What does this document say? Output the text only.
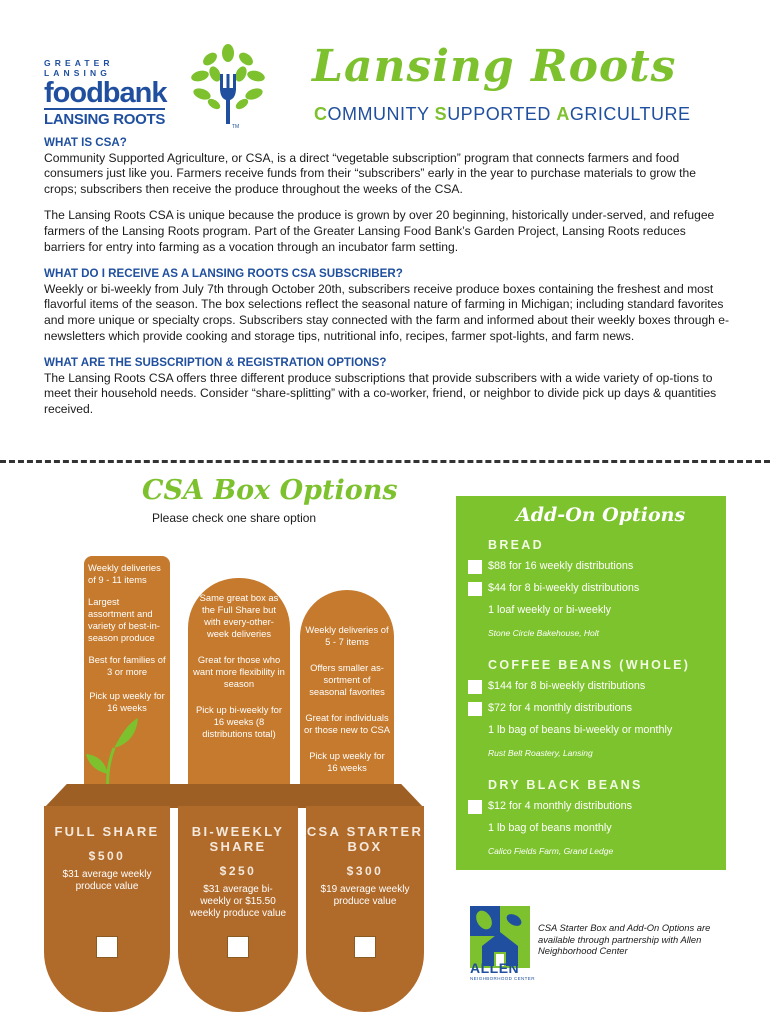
GREATER LANSING
foodbank
LANSING ROOTS	TM
Lansing Roots
COMMUNITY SUPPORTED AGRICULTURE
WHAT IS CSA?

Community Supported Agriculture, or CSA, is a direct “vegetable subscription” program that connects farmers and food consumers just like you. Farmers receive funds from their “subscribers” early in the year to purchase materials to grow the crops; subscribers then receive the produce throughout the weeks of the CSA.

The Lansing Roots CSA is unique because the produce is grown by over 20 beginning, historically under-served, and refugee farmers of the Lansing Roots program. Part of the Greater Lansing Food Bank’s Garden Project, Lansing Roots reduces barriers for entry into farming as a vocation through an incubator farm setting.

WHAT DO I RECEIVE AS A LANSING ROOTS CSA SUBSCRIBER?

Weekly or bi-weekly from July 7th through October 20th, subscribers receive produce boxes containing the freshest and most flavorful items of the season. The box selections reflect the seasonal nature of farming in Michigan; including standard favorites and more unique or specialty crops. Subscribers stay connected with the farm and informed about their weekly boxes through e-newsletters which provide cooking and storage tips, nutritional info, recipes, farmer spot-lights, and farm news.

WHAT ARE THE SUBSCRIPTION & REGISTRATION OPTIONS?

The Lansing Roots CSA offers three different produce subscriptions that provide subscribers with a wide variety of op-tions to meet their household needs. Consider “share-splitting” with a co-worker, friend, or neighbor to divide pick up days & quantities received.

CSA Box Options
Please check one share option
Weekly deliveries of 9 - 11 items
Largest assortment and variety of best-in-season produce
Best for families of 3 or more
Pick up weekly for 16 weeks
Same great box as the Full Share but with every-other-week deliveries
Great for those who want more flexibility in season
Pick up bi-weekly for 16 weeks (8 distributions total)
Weekly deliveries of 5 - 7 items
Offers smaller as-sortment of seasonal favorites
Great for individuals or those new to CSA
Pick up weekly for 16 weeks
FULL SHARE
$500
$31 average weekly produce value
BI-WEEKLY SHARE
$250
$31 average bi-weekly or $15.50 weekly produce value
CSA STARTER BOX
$300
$19 average weekly produce value
Add-On Options
BREAD
$88 for 16 weekly distributions
$44 for 8 bi-weekly distributions
1 loaf weekly or bi-weekly
Stone Circle Bakehouse, Holt
COFFEE BEANS (WHOLE)
$144 for 8 bi-weekly distributions
$72 for 4 monthly distributions
1 lb bag of beans bi-weekly or monthly
Rust Belt Roastery, Lansing
DRY BLACK BEANS
$12 for 4 monthly distributions
1 lb bag of beans monthly
Calico Fields Farm, Grand Ledge
ALLEN
NEIGHBORHOOD CENTER
CSA Starter Box and Add-On Options are available through partnership with Allen Neighborhood Center
